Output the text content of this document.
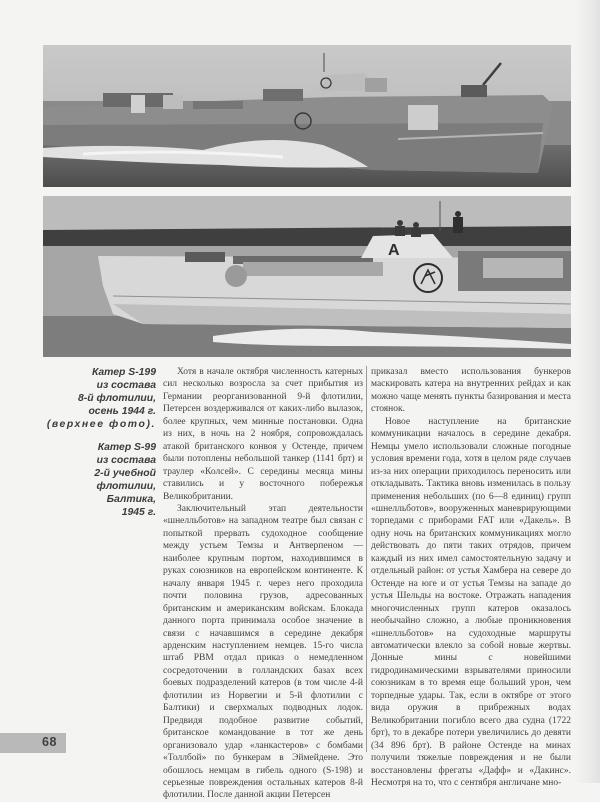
A
Катер S-199
из состава
8-й флотилии,
осень 1944 г.
(верхнее фото).
Катер S-99
из состава
2-й учебной
флотилии,
Балтика,
1945 г.

Хотя в начале октября численность катерных сил несколько возросла за счет прибытия из Германии реорганизованной 9-й флотилии, Петерсен воздерживался от каких-либо вылазок, более крупных, чем минные постановки. Одна из них, в ночь на 2 ноября, сопровождалась атакой британского конвоя у Остенде, причем были потоплены небольшой танкер (1141 брт) и траулер «Колсей». С середины месяца мины ставились и у восточного побережья Великобритании.

Заключительный этап деятельности «шнелльботов» на западном театре был связан с попыткой прервать судоходное сообщение между устьем Темзы и Антверпеном — наиболее крупным портом, находившимся в руках союзников на европейском континенте. К началу января 1945 г. через него проходила почти половина грузов, адресованных британским и американским войскам. Блокада данного порта принимала особое значение в связи с начавшимся в середине декабря арденским наступлением немцев. 15-го числа штаб РВМ отдал приказ о немедленном сосредоточении в голландских базах всех боевых подразделений катеров (в том числе 4-й флотилии из Норвегии и 5-й флотилии с Балтики) и сверхмалых подводных лодок. Предвидя подобное развитие событий, британское командование в тот же день организовало удар «ланкастеров» с бомбами «Толлбой» по бункерам в Эймейдене. Это обошлось немцам в гибель одного (S-198) и серьезные повреждения остальных катеров 8-й флотилии. После данной акции Петерсен

приказал вместо использования бункеров маскировать катера на внутренних рейдах и как можно чаще менять пункты базирования и места стоянок.

Новое наступление на британские коммуникации началось в середине декабря. Немцы умело использовали сложные погодные условия времени года, хотя в целом ряде случаев из-за них операции приходилось переносить или откладывать. Тактика вновь изменилась в пользу применения небольших (по 6—8 единиц) групп «шнелльботов», вооруженных маневрирующими торпедами с приборами FAT или «Дакель». В одну ночь на британских коммуникациях могло действовать до пяти таких отрядов, причем каждый из них имел самостоятельную задачу и отдельный район: от устья Хамбера на севере до Остенде на юге и от устья Темзы на западе до устья Шельды на востоке. Отражать нападения многочисленных групп катеров оказалось необычайно сложно, а любые проникновения «шнелльботов» на судоходные маршруты автоматически влекло за собой новые жертвы. Донные мины с новейшими гидродинамическими взрывателями приносили союзникам в то время еще больший урон, чем торпедные удары. Так, если в октябре от этого вида оружия в прибрежных водах Великобритании погибло всего два судна (1722 брт), то в декабре потери увеличились до девяти (34 896 брт). В районе Остенде на минах получили тяжелые повреждения и не были восстановлены фрегаты «Дафф» и «Дакинс». Несмотря на то, что с сентября англичане мно-

68
